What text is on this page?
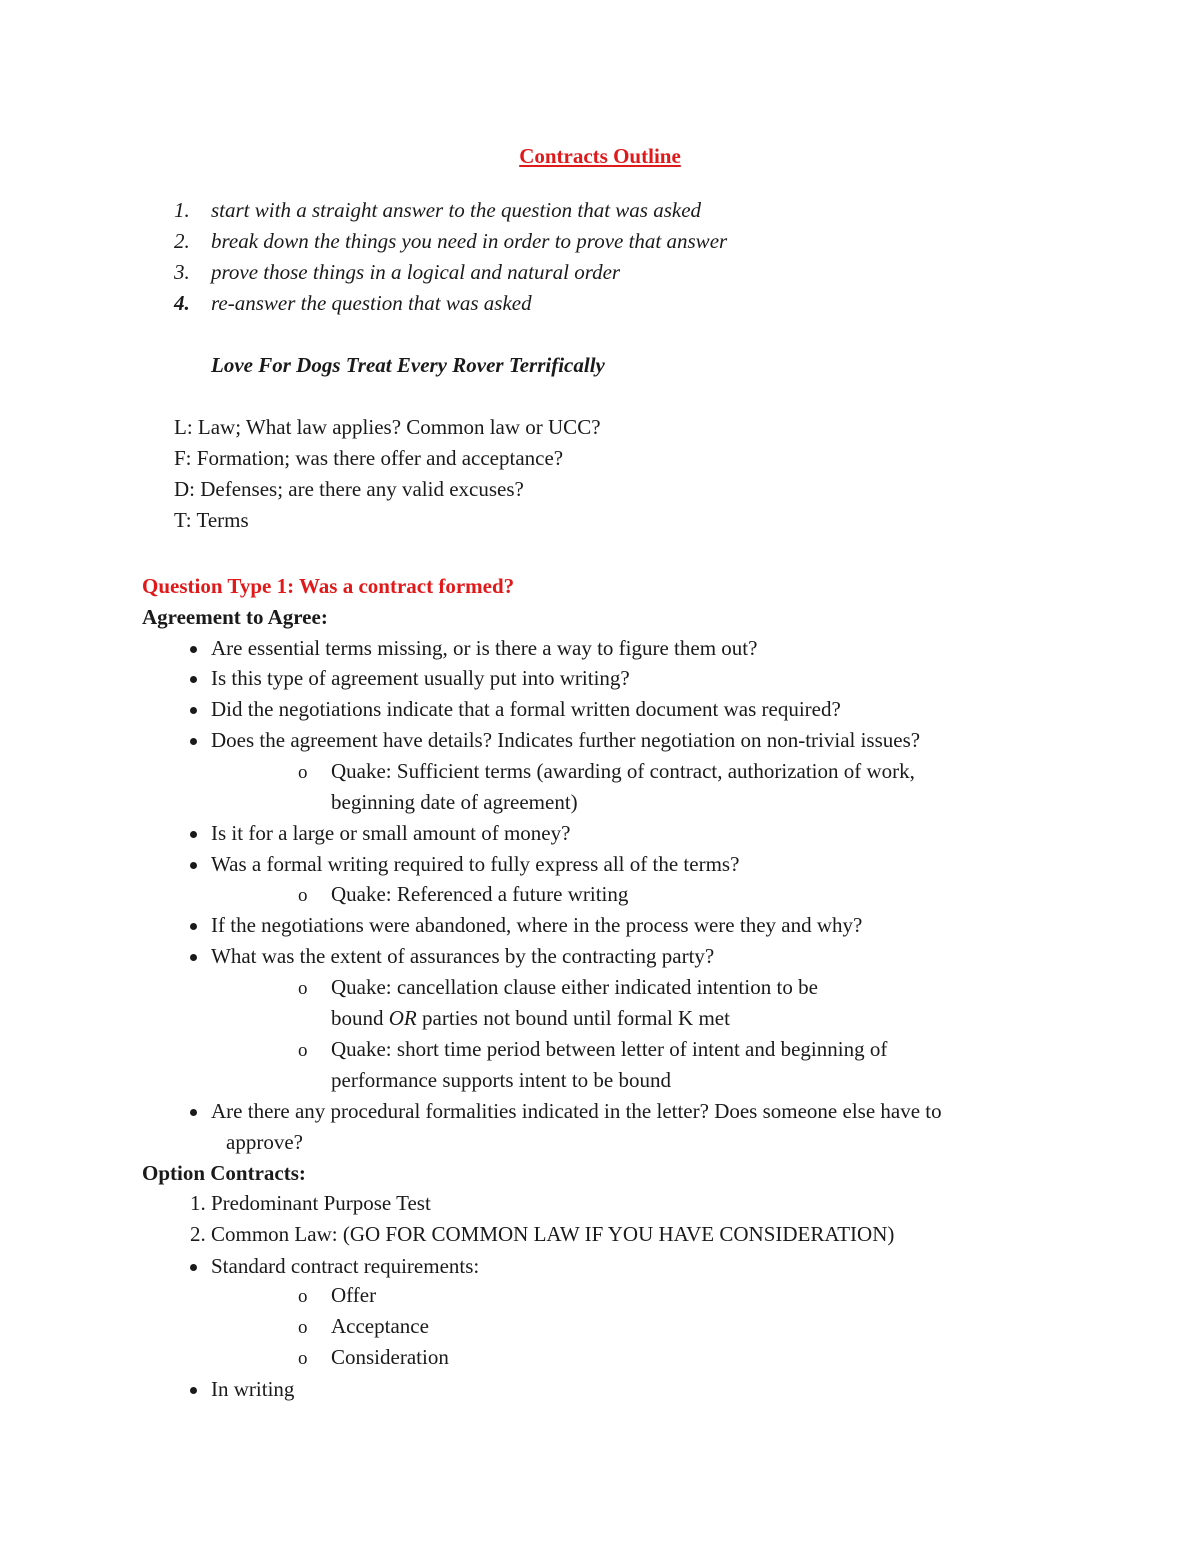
Contracts Outline
1. start with a straight answer to the question that was asked
2. break down the things you need in order to prove that answer
3. prove those things in a logical and natural order
4. re-answer the question that was asked
Love For Dogs Treat Every Rover Terrifically
L: Law; What law applies? Common law or UCC?
F: Formation; was there offer and acceptance?
D: Defenses; are there any valid excuses?
T: Terms
Question Type 1: Was a contract formed?
Agreement to Agree:
Are essential terms missing, or is there a way to figure them out?
Is this type of agreement usually put into writing?
Did the negotiations indicate that a formal written document was required?
Does the agreement have details? Indicates further negotiation on non-trivial issues?
o Quake: Sufficient terms (awarding of contract, authorization of work,
beginning date of agreement)
Is it for a large or small amount of money?
Was a formal writing required to fully express all of the terms?
o Quake: Referenced a future writing
If the negotiations were abandoned, where in the process were they and why?
What was the extent of assurances by the contracting party?
o Quake: cancellation clause either indicated intention to be
bound OR parties not bound until formal K met
o Quake: short time period between letter of intent and beginning of
performance supports intent to be bound
Are there any procedural formalities indicated in the letter? Does someone else have to
approve?
Option Contracts:
1. Predominant Purpose Test
2. Common Law: (GO FOR COMMON LAW IF YOU HAVE CONSIDERATION)
Standard contract requirements:
o Offer
o Acceptance
o Consideration
In writing
